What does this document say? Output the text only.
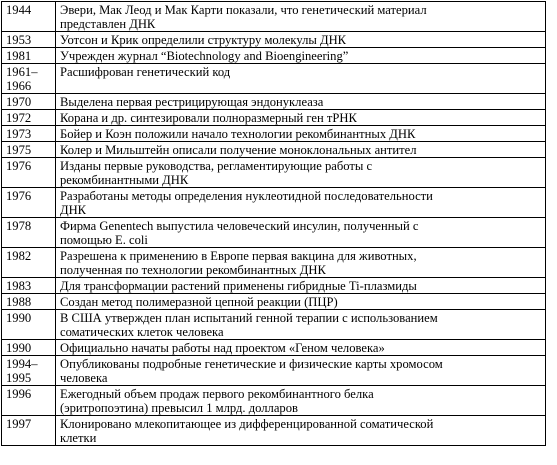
1944	Эвери, Мак Леод и Мак Карти показали, что генетический материал
представлен ДНК
1953	Уотсон и Крик определили структуру молекулы ДНК
1981	Учрежден журнал “Biotechnology and Bioengineering”
1961–
1966	Расшифрован генетический код
1970	Выделена первая рестрицирующая эндонуклеаза
1972	Корана и др. синтезировали полноразмерный ген тРНК
1973	Бойер и Коэн положили начало технологии рекомбинантных ДНК
1975	Колер и Мильштейн описали получение моноклональных антител
1976	Изданы первые руководства, регламентирующие работы с
рекомбинантными ДНК
1976	Разработаны методы определения нуклеотидной последовательности
ДНК
1978	Фирма Genentech выпустила человеческий инсулин, полученный с
помощью E. coli
1982	Разрешена к применению в Европе первая вакцина для животных,
полученная по технологии рекомбинантных ДНК
1983	Для трансформации растений применены гибридные Ti-плазмиды
1988	Создан метод полимеразной цепной реакции (ПЦР)
1990	В США утвержден план испытаний генной терапии с использованием
соматических клеток человека
1990	Официально начаты работы над проектом «Геном человека»
1994–
1995	Опубликованы подробные генетические и физические карты хромосом
человека
1996	Ежегодный объем продаж первого рекомбинантного белка
(эритропоэтина) превысил 1 млрд. долларов
1997	Клонировано млекопитающее из дифференцированной соматической
клетки
